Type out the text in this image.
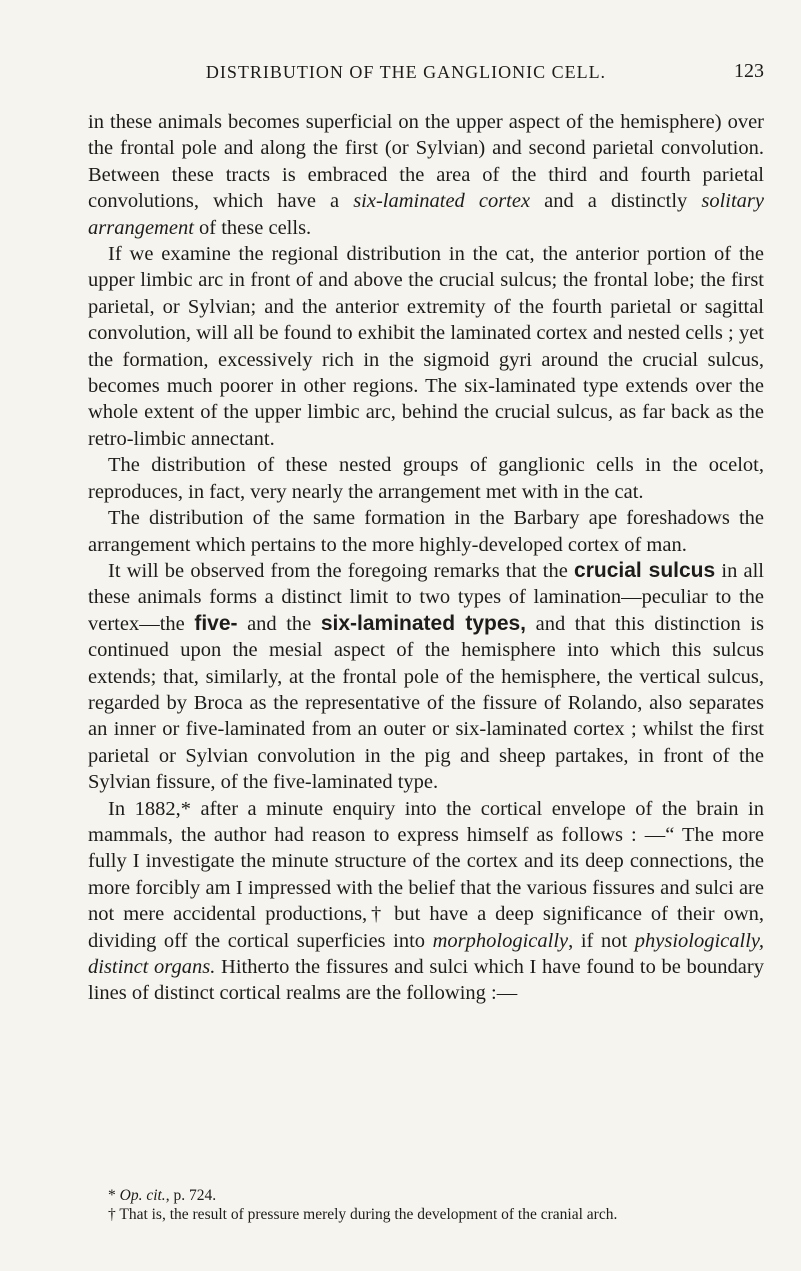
DISTRIBUTION OF THE GANGLIONIC CELL.	123

in these animals becomes superficial on the upper aspect of the hemisphere) over the frontal pole and along the first (or Sylvian) and second parietal convolution. Between these tracts is embraced the area of the third and fourth parietal convolutions, which have a six-laminated cortex and a distinctly solitary arrangement of these cells.

If we examine the regional distribution in the cat, the anterior portion of the upper limbic arc in front of and above the crucial sulcus; the frontal lobe; the first parietal, or Sylvian; and the anterior extremity of the fourth parietal or sagittal convolution, will all be found to exhibit the laminated cortex and nested cells ; yet the formation, excessively rich in the sigmoid gyri around the crucial sulcus, becomes much poorer in other regions. The six-laminated type extends over the whole extent of the upper limbic arc, behind the crucial sulcus, as far back as the retro-limbic annectant.

The distribution of these nested groups of ganglionic cells in the ocelot, reproduces, in fact, very nearly the arrangement met with in the cat.

The distribution of the same formation in the Barbary ape foreshadows the arrangement which pertains to the more highly-developed cortex of man.

It will be observed from the foregoing remarks that the crucial sulcus in all these animals forms a distinct limit to two types of lamination—peculiar to the vertex—the five- and the six-laminated types, and that this distinction is continued upon the mesial aspect of the hemisphere into which this sulcus extends; that, similarly, at the frontal pole of the hemisphere, the vertical sulcus, regarded by Broca as the representative of the fissure of Rolando, also separates an inner or five-laminated from an outer or six-laminated cortex ; whilst the first parietal or Sylvian convolution in the pig and sheep partakes, in front of the Sylvian fissure, of the five-laminated type.

In 1882,* after a minute enquiry into the cortical envelope of the brain in mammals, the author had reason to express himself as follows : —“ The more fully I investigate the minute structure of the cortex and its deep connections, the more forcibly am I impressed with the belief that the various fissures and sulci are not mere accidental productions,† but have a deep significance of their own, dividing off the cortical superficies into morphologically, if not physiologically, distinct organs. Hitherto the fissures and sulci which I have found to be boundary lines of distinct cortical realms are the following :—

* Op. cit., p. 724.

† That is, the result of pressure merely during the development of the cranial arch.
